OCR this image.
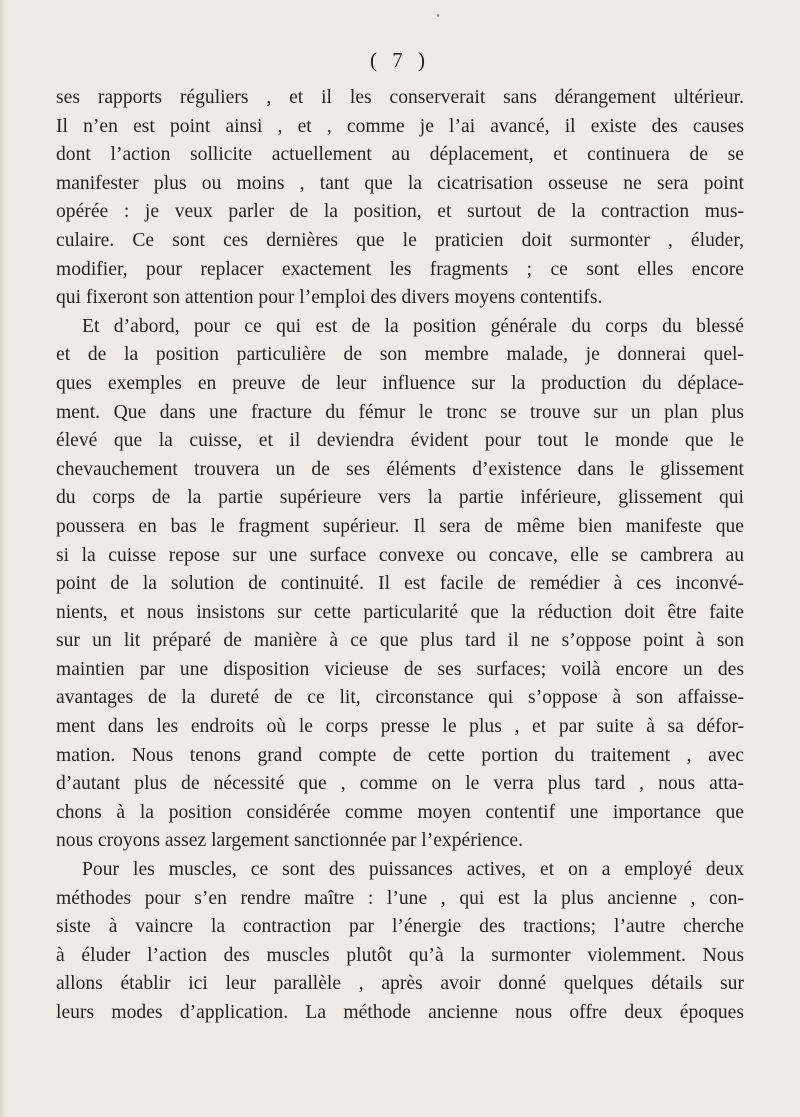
( 7 )
ses rapports réguliers , et il les conserverait sans dérangement ultérieur.
Il n’en est point ainsi , et , comme je l’ai avancé, il existe des causes
dont l’action sollicite actuellement au déplacement, et continuera de se
manifester plus ou moins , tant que la cicatrisation osseuse ne sera point
opérée : je veux parler de la position, et surtout de la contraction mus-
culaire. Ce sont ces dernières que le praticien doit surmonter , éluder,
modifier, pour replacer exactement les fragments ; ce sont elles encore
qui fixeront son attention pour l’emploi des divers moyens contentifs.
Et d’abord, pour ce qui est de la position générale du corps du blessé
et de la position particulière de son membre malade, je donnerai quel-
ques exemples en preuve de leur influence sur la production du déplace-
ment. Que dans une fracture du fémur le tronc se trouve sur un plan plus
élevé que la cuisse, et il deviendra évident pour tout le monde que le
chevauchement trouvera un de ses éléments d’existence dans le glissement
du corps de la partie supérieure vers la partie inférieure, glissement qui
poussera en bas le fragment supérieur. Il sera de même bien manifeste que
si la cuisse repose sur une surface convexe ou concave, elle se cambrera au
point de la solution de continuité. Il est facile de remédier à ces inconvé-
nients, et nous insistons sur cette particularité que la réduction doit être faite
sur un lit préparé de manière à ce que plus tard il ne s’oppose point à son
maintien par une disposition vicieuse de ses surfaces; voilà encore un des
avantages de la dureté de ce lit, circonstance qui s’oppose à son affaisse-
ment dans les endroits où le corps presse le plus , et par suite à sa défor-
mation. Nous tenons grand compte de cette portion du traitement , avec
d’autant plus de nécessité que , comme on le verra plus tard , nous atta-
chons à la position considérée comme moyen contentif une importance que
nous croyons assez largement sanctionnée par l’expérience.
Pour les muscles, ce sont des puissances actives, et on a employé deux
méthodes pour s’en rendre maître : l’une , qui est la plus ancienne , con-
siste à vaincre la contraction par l’énergie des tractions; l’autre cherche
à éluder l’action des muscles plutôt qu’à la surmonter violemment. Nous
allons établir ici leur parallèle , après avoir donné quelques détails sur
leurs modes d’application. La méthode ancienne nous offre deux époques
